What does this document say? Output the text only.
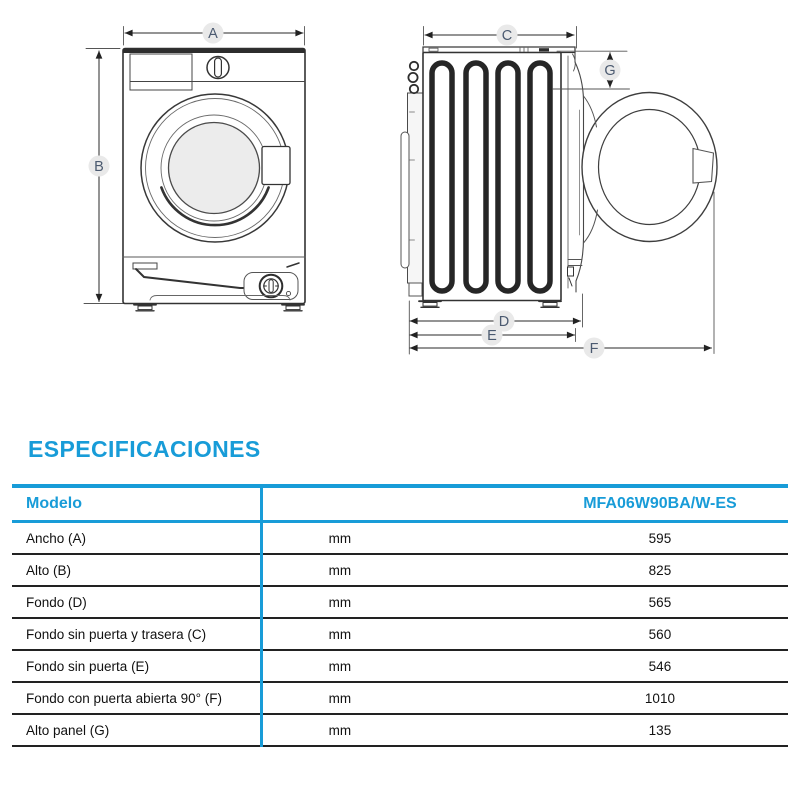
A
B
C
G
D
E
F
ESPECIFICACIONES
Modelo	MFA06W90BA/W-ES
Ancho (A)	mm	595
Alto (B)	mm	825
Fondo (D)	mm	565
Fondo sin puerta y trasera (C)	mm	560
Fondo sin puerta (E)	mm	546
Fondo con puerta abierta 90° (F)	mm	1010
Alto panel (G)	mm	135
